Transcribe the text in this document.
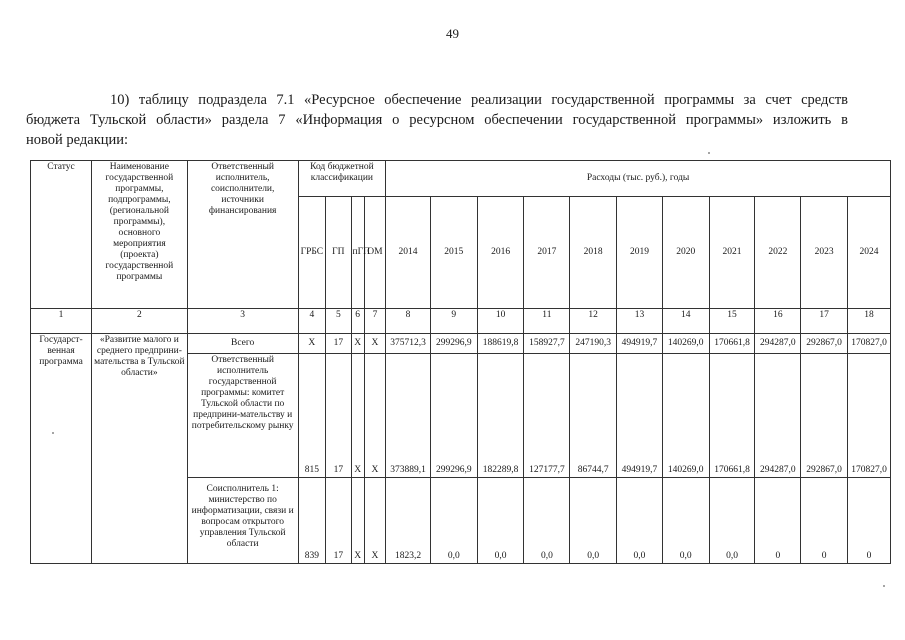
49
10) таблицу подраздела 7.1 «Ресурсное обеспечение реализации государственной программы за счет средств
бюджета Тульской области» раздела 7 «Информация о ресурсном обеспечении государственной программы» изложить в
новой редакции:
Статус	Наименование государственной программы, подпрограммы, (региональной программы), основного мероприятия (проекта) государственной программы	Ответственный исполнитель, соисполнители, источники финансирования	Код бюджетной классификации				Расходы (тыс. руб.), годы										
			ГРБС	ГП	пГП	ОМ	2014	2015	2016	2017	2018	2019	2020	2021	2022	2023	2024
1	2	3	4	5	6	7	8	9	10	11	12	13	14	15	16	17	18
Государст-венная программа	«Развитие малого и среднего предприни-мательства в Тульской области»	Всего	Х	17	Х	Х	375712,3	299296,9	188619,8	158927,7	247190,3	494919,7	140269,0	170661,8	294287,0	292867,0	170827,0
		Ответственный исполнитель государственной программы: комитет Тульской области по предприни-мательству и потребительскому рынку	815	17	Х	Х	373889,1	299296,9	182289,8	127177,7	86744,7	494919,7	140269,0	170661,8	294287,0	292867,0	170827,0
		Соисполнитель 1: министерство по информатизации, связи и вопросам открытого управления Тульской области	839	17	Х	Х	1823,2	0,0	0,0	0,0	0,0	0,0	0,0	0,0	0	0	0
